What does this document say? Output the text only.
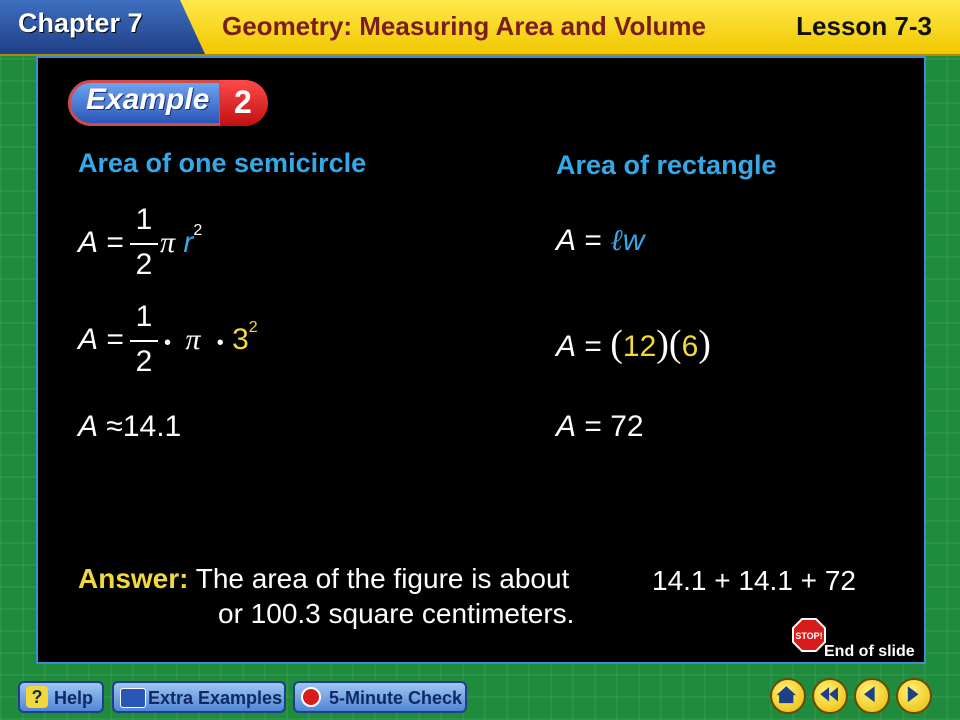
Chapter 7	Geometry: Measuring Area and Volume	Lesson 7-3
Example 2
Area of one semicircle	Area of rectangle
A =
1
2
π $r^2$
A =
1
2
• π • $3^2$
A ≈14.1
A = ℓw
A = (12)(6)
A = 72
Answer: The area of the figure is about	14.1 + 14.1 + 72
or 100.3 square centimeters.
STOP!
End of slide
? Help	Extra Examples	5-Minute Check
